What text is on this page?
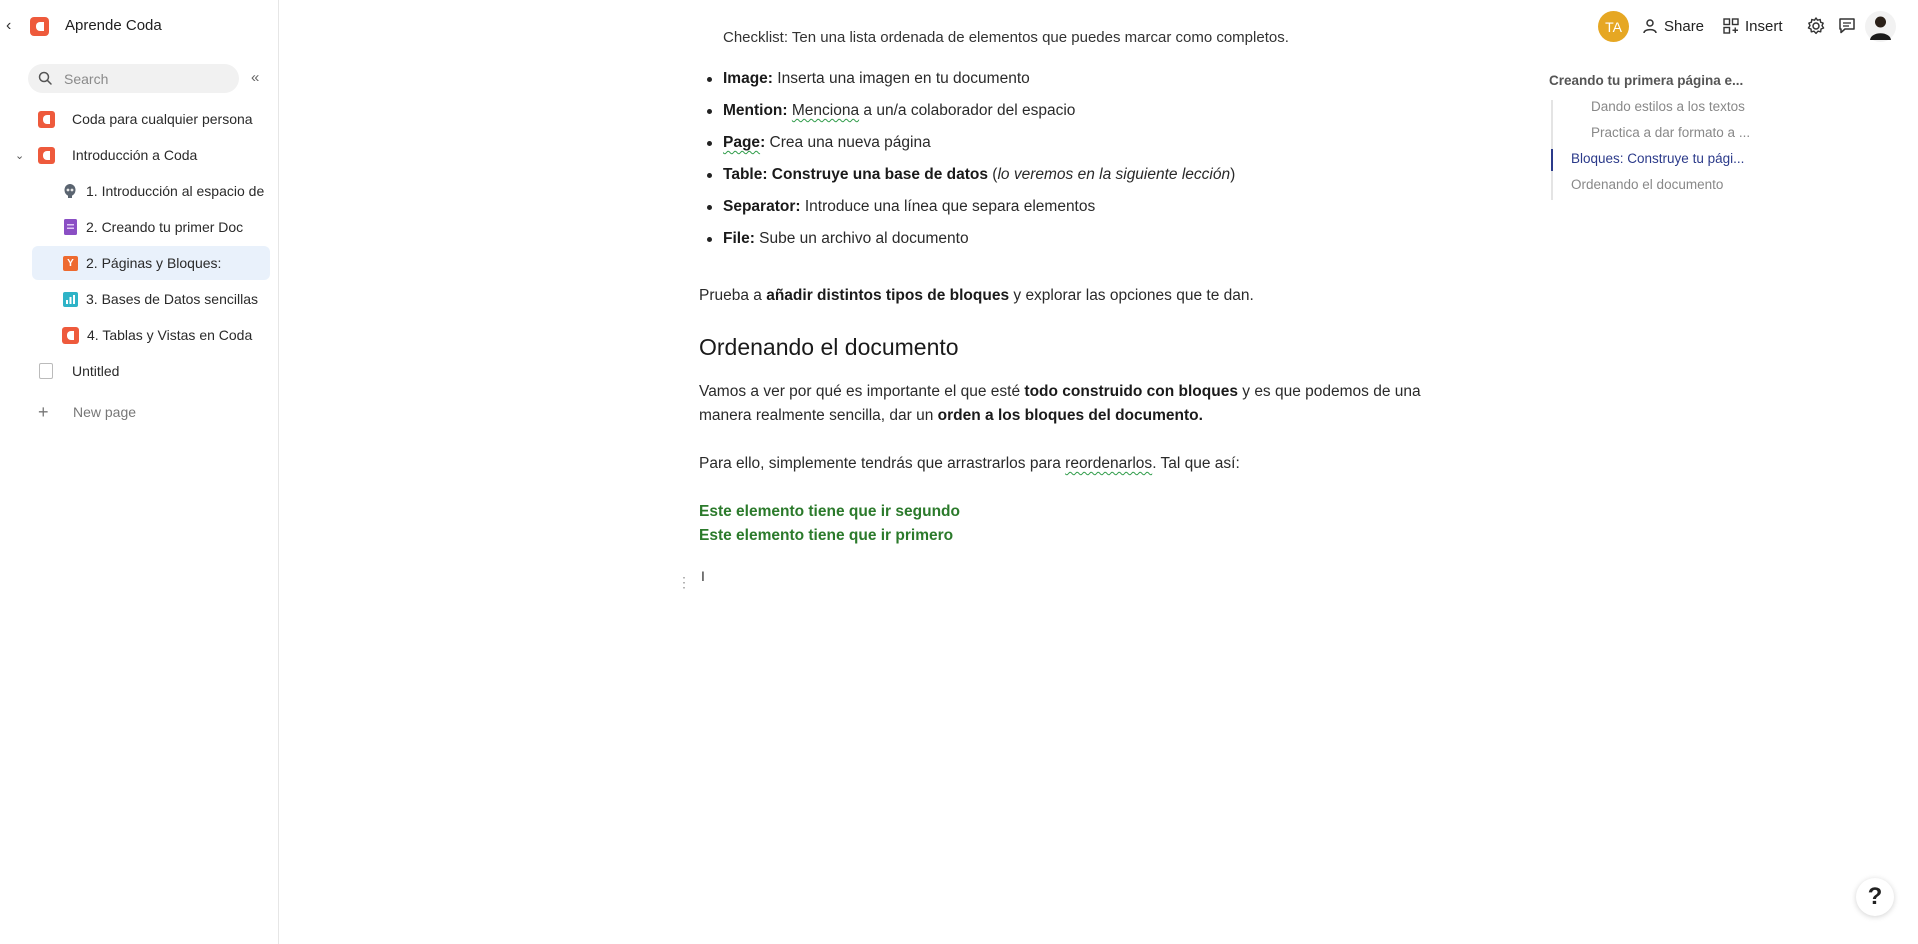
‹	Aprende Coda
Search
«
Coda para cualquier persona
⌄	Introducción a Coda
1. Introducción al espacio de
2. Creando tu primer Doc
Y 2. Páginas y Bloques:
3. Bases de Datos sencillas
4. Tablas y Vistas en Coda
Untitled
+	New page
TA	Share	Insert
Checklist: Ten una lista ordenada de elementos que puedes marcar como completos.
Image: Inserta una imagen en tu documento
Mention: Menciona a un/a colaborador del espacio
Page: Crea una nueva página
Table: Construye una base de datos (lo veremos en la siguiente lección)
Separator: Introduce una línea que separa elementos
File: Sube un archivo al documento

Prueba a añadir distintos tipos de bloques y explorar las opciones que te dan.

Ordenando el documento

Vamos a ver por qué es importante el que esté todo construido con bloques y es que podemos de una
manera realmente sencilla, dar un orden a los bloques del documento.

Para ello, simplemente tendrás que arrastrarlos para reordenarlos. Tal que así:

Este elemento tiene que ir segundo

Este elemento tiene que ir primero

⋮ I
Creando tu primera página e...
Dando estilos a los textos
Practica a dar formato a ...
Bloques: Construye tu pági...
Ordenando el documento
?
